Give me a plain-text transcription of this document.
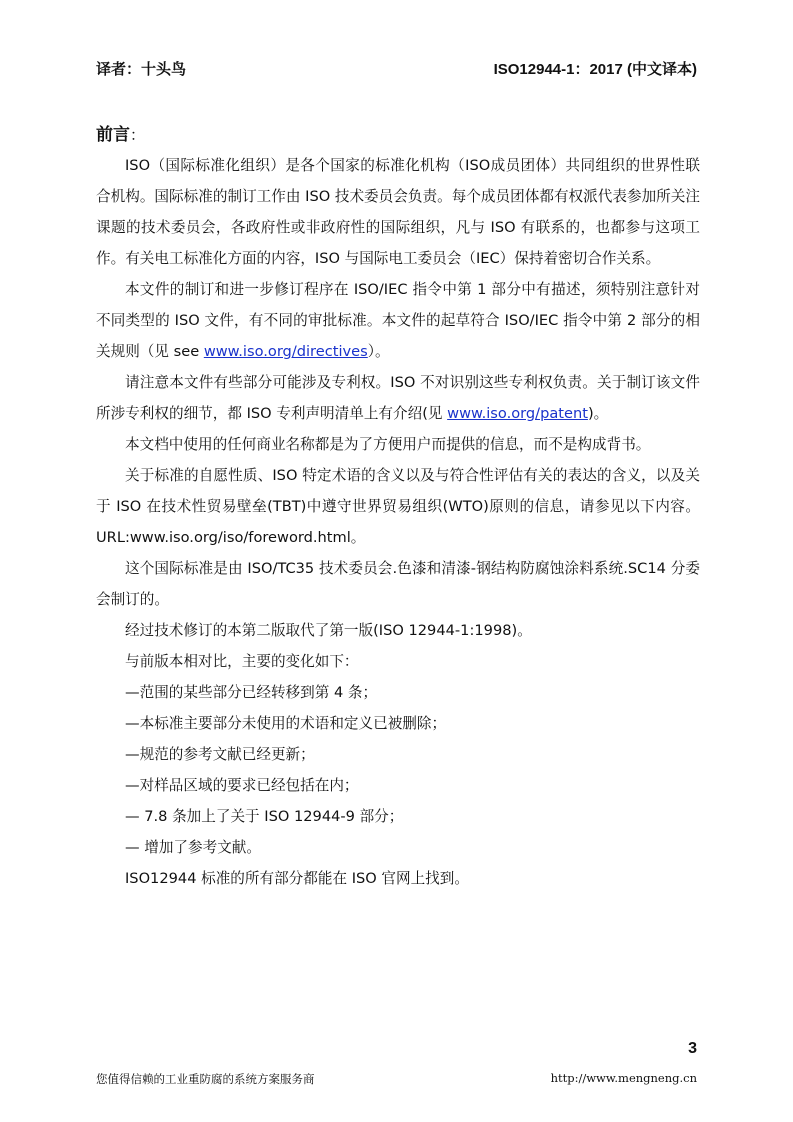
译者：十头鸟	ISO12944-1：2017 (中文译本)
前言：

ISO（国际标准化组织）是各个国家的标准化机构（ISO成员团体）共同组织的世界性联合机构。国际标准的制订工作由 ISO 技术委员会负责。每个成员团体都有权派代表参加所关注课题的技术委员会，各政府性或非政府性的国际组织，凡与 ISO 有联系的，也都参与这项工作。有关电工标准化方面的内容，ISO 与国际电工委员会（IEC）保持着密切合作关系。

本文件的制订和进一步修订程序在 ISO/IEC 指令中第 1 部分中有描述，须特别注意针对不同类型的 ISO 文件，有不同的审批标准。本文件的起草符合 ISO/IEC 指令中第 2 部分的相关规则（见 see www.iso.org/directives）。

请注意本文件有些部分可能涉及专利权。ISO 不对识别这些专利权负责。关于制订该文件所涉专利权的细节，都 ISO 专利声明清单上有介绍(见 www.iso.org/patent)。

本文档中使用的任何商业名称都是为了方便用户而提供的信息，而不是构成背书。

关于标准的自愿性质、ISO 特定术语的含义以及与符合性评估有关的表达的含义，以及关于 ISO 在技术性贸易壁垒(TBT)中遵守世界贸易组织(WTO)原则的信息，请参见以下内容。URL:www.iso.org/iso/foreword.html。

这个国际标准是由 ISO/TC35 技术委员会.色漆和清漆-钢结构防腐蚀涂料系统.SC14 分委会制订的。

经过技术修订的本第二版取代了第一版(ISO 12944-1:1998)。

与前版本相对比，主要的变化如下：

—范围的某些部分已经转移到第 4 条；

—本标准主要部分未使用的术语和定义已被删除；

—规范的参考文献已经更新；

—对样品区域的要求已经包括在内；

— 7.8 条加上了关于 ISO 12944-9 部分；

— 增加了参考文献。

ISO12944 标准的所有部分都能在 ISO 官网上找到。

3
您值得信赖的工业重防腐的系统方案服务商	http://www.mengneng.cn
